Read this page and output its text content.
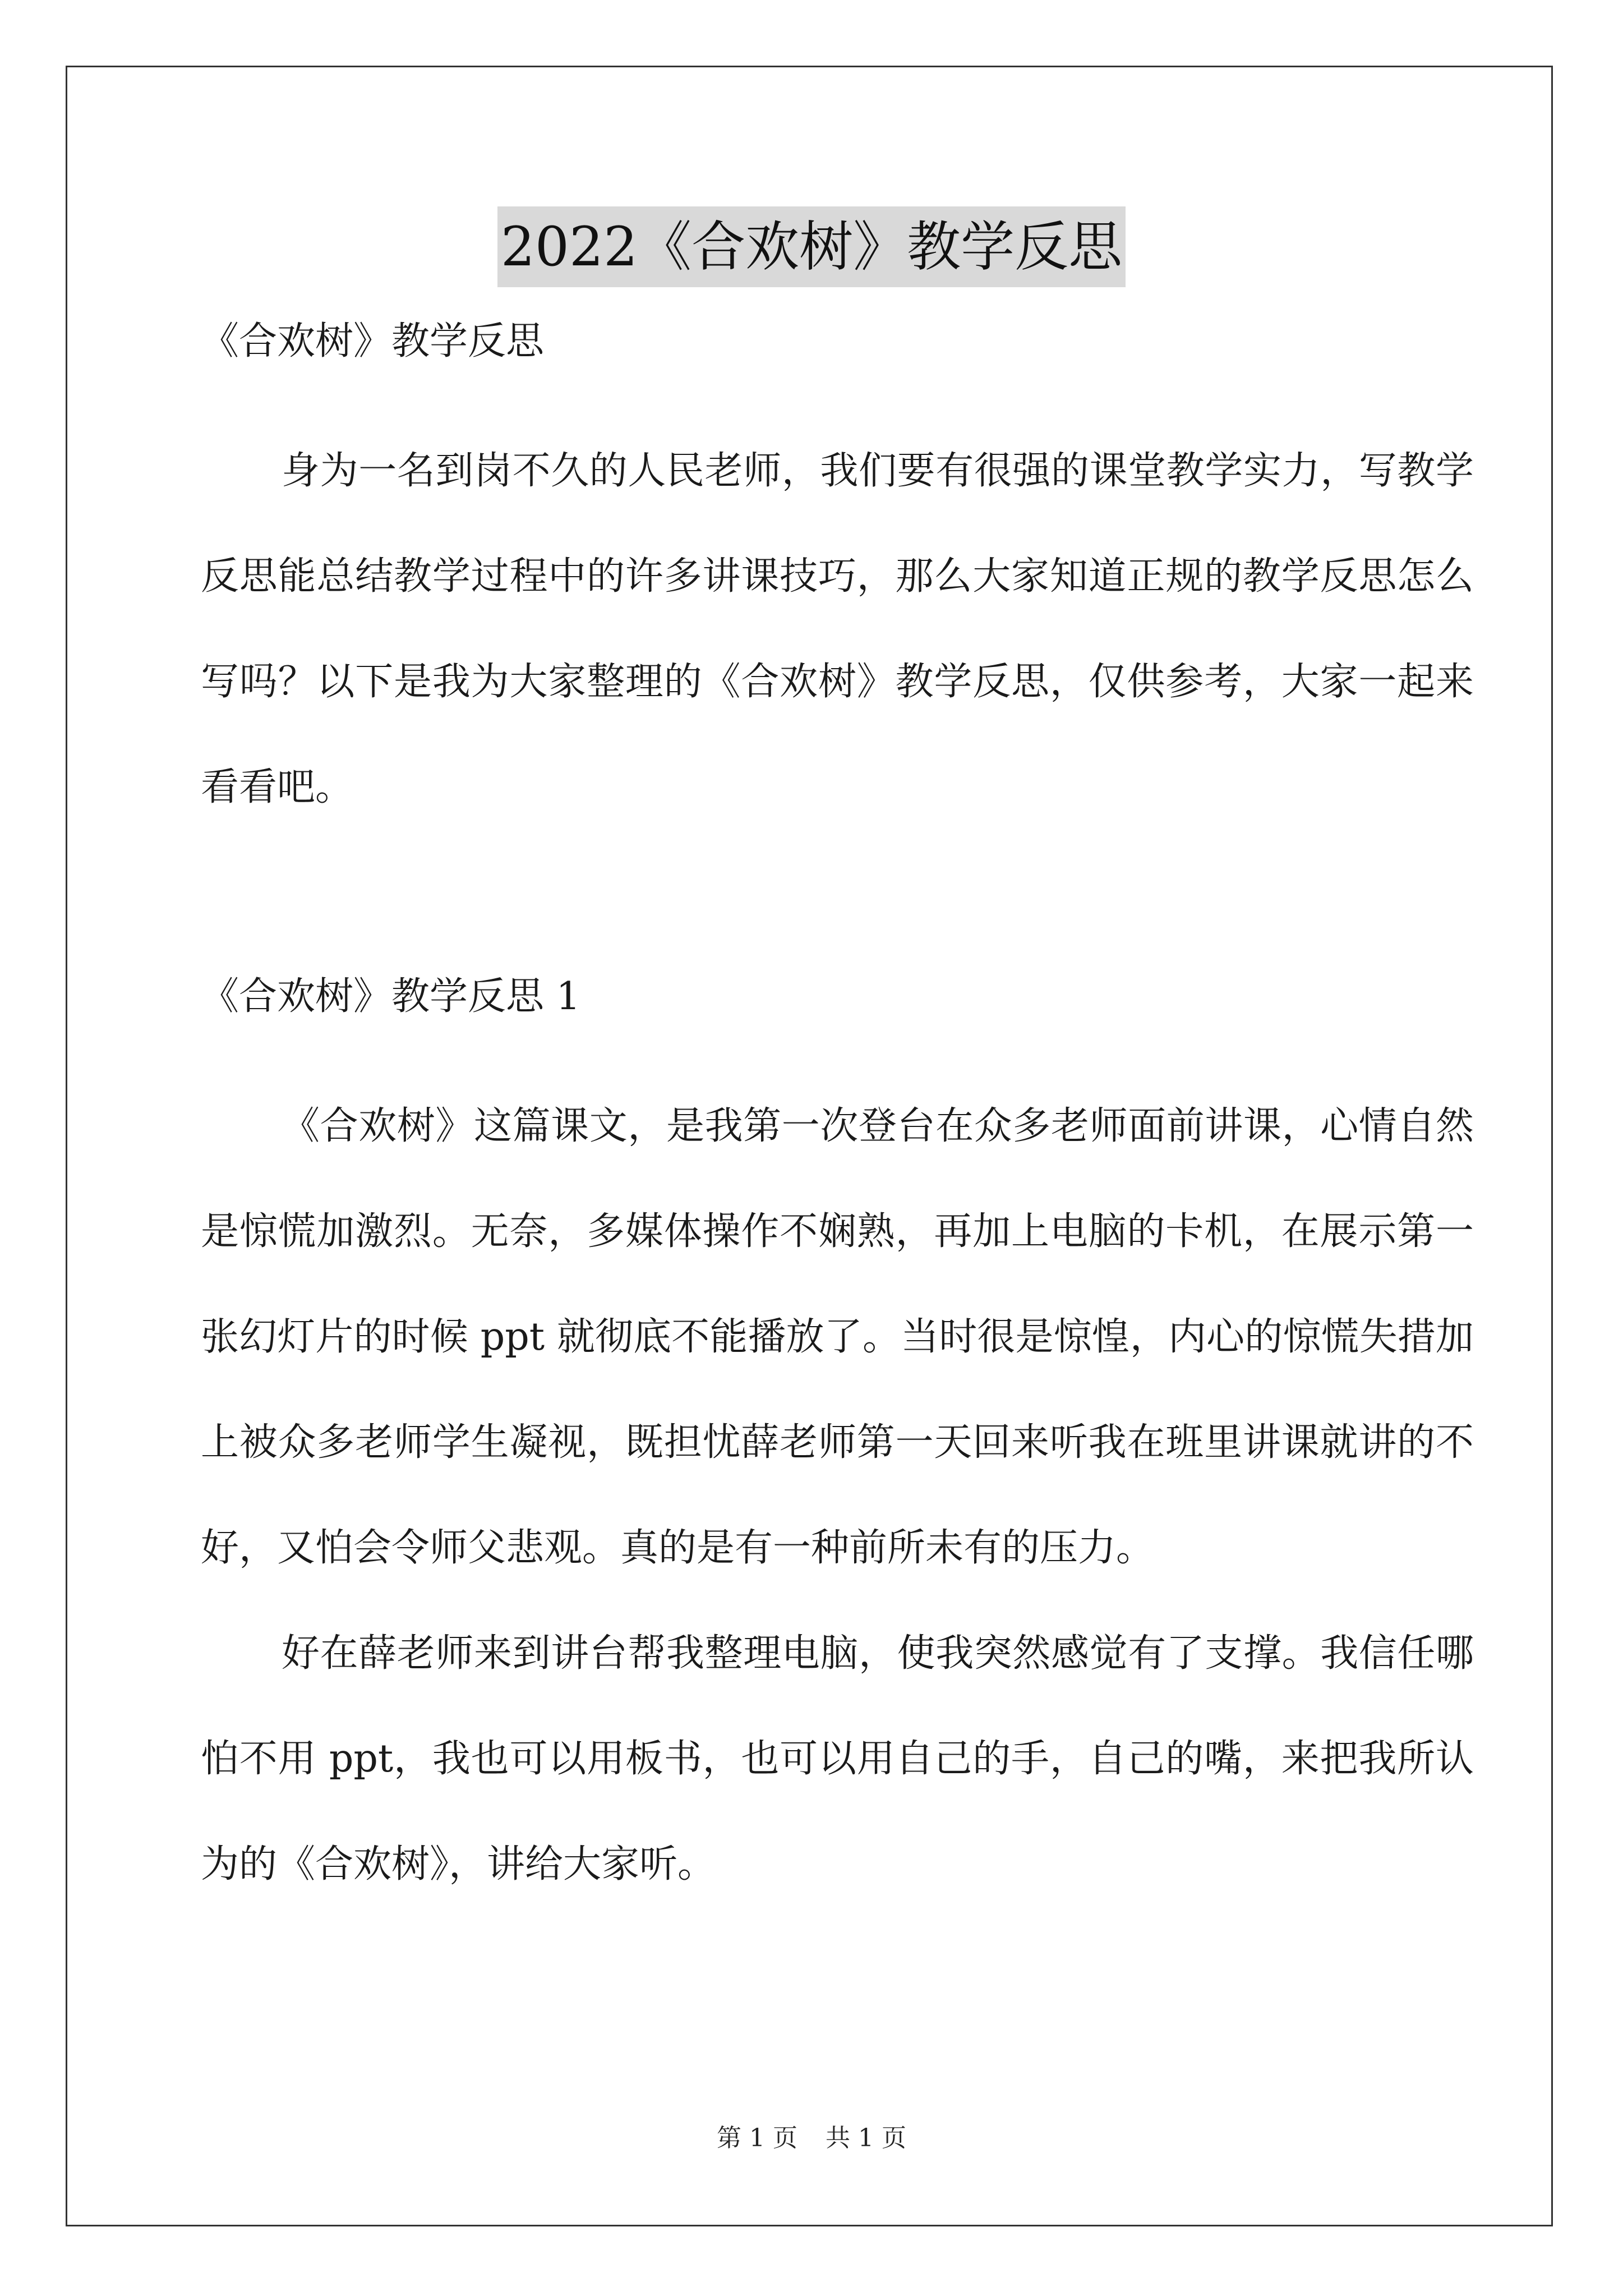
2022《合欢树》教学反思

《合欢树》教学反思

身为一名到岗不久的人民老师，我们要有很强的课堂教学实力，写教学反思能总结教学过程中的许多讲课技巧，那么大家知道正规的教学反思怎么写吗？以下是我为大家整理的《合欢树》教学反思，仅供参考，大家一起来看看吧。

《合欢树》教学反思 1

《合欢树》这篇课文，是我第一次登台在众多老师面前讲课，心情自然是惊慌加激烈。无奈，多媒体操作不娴熟，再加上电脑的卡机，在展示第一张幻灯片的时候 ppt 就彻底不能播放了。当时很是惊惶，内心的惊慌失措加上被众多老师学生凝视，既担忧薛老师第一天回来听我在班里讲课就讲的不好，又怕会令师父悲观。真的是有一种前所未有的压力。

好在薛老师来到讲台帮我整理电脑，使我突然感觉有了支撑。我信任哪怕不用 ppt，我也可以用板书，也可以用自己的手，自己的嘴，来把我所认为的《合欢树》，讲给大家听。

第 1 页 共 1 页
